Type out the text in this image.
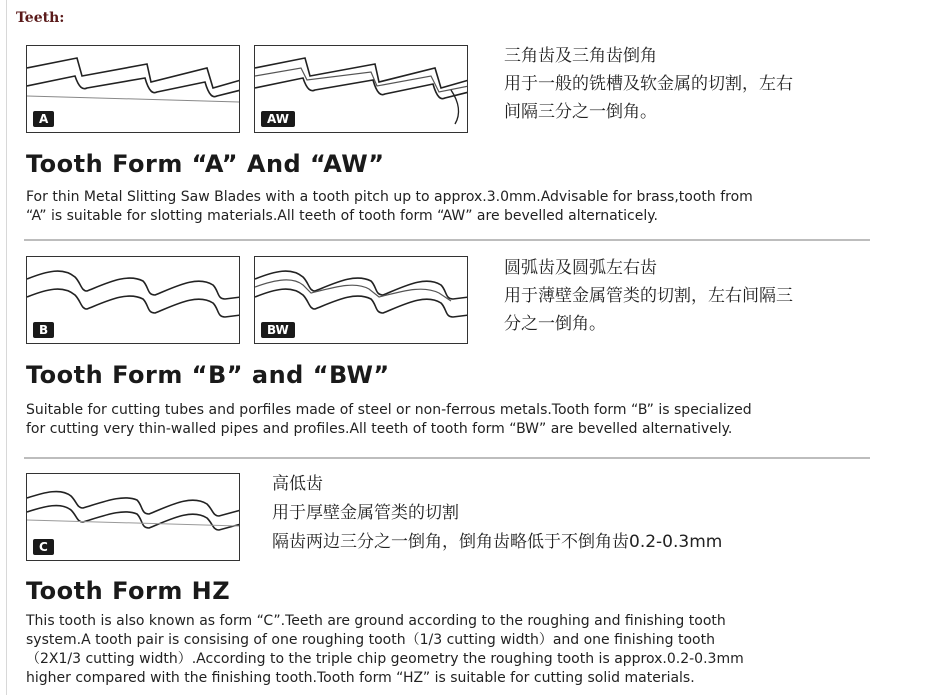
Teeth:
A	AW
三角齿及三角齿倒角
用于一般的铣槽及软金属的切割，左右
间隔三分之一倒角。
Tooth Form “A” And “AW”
For thin Metal Slitting Saw Blades with a tooth pitch up to approx.3.0mm.Advisable for brass,tooth from
“A” is suitable for slotting materials.All teeth of tooth form “AW” are bevelled alternaticely.
B	BW
圆弧齿及圆弧左右齿
用于薄壁金属管类的切割，左右间隔三
分之一倒角。
Tooth Form “B” and “BW”
Suitable for cutting tubes and porfiles made of steel or non-ferrous metals.Tooth form “B” is specialized
for cutting very thin-walled pipes and profiles.All teeth of tooth form “BW” are bevelled alternatively.
C
高低齿
用于厚壁金属管类的切割
隔齿两边三分之一倒角，倒角齿略低于不倒角齿0.2-0.3mm
Tooth Form HZ
This tooth is also known as form “C”.Teeth are ground according to the roughing and finishing tooth
system.A tooth pair is consising of one roughing tooth（1/3 cutting width）and one finishing tooth
（2X1/3 cutting width）.According to the triple chip geometry the roughing tooth is approx.0.2-0.3mm
higher compared with the finishing tooth.Tooth form “HZ” is suitable for cutting solid materials.
